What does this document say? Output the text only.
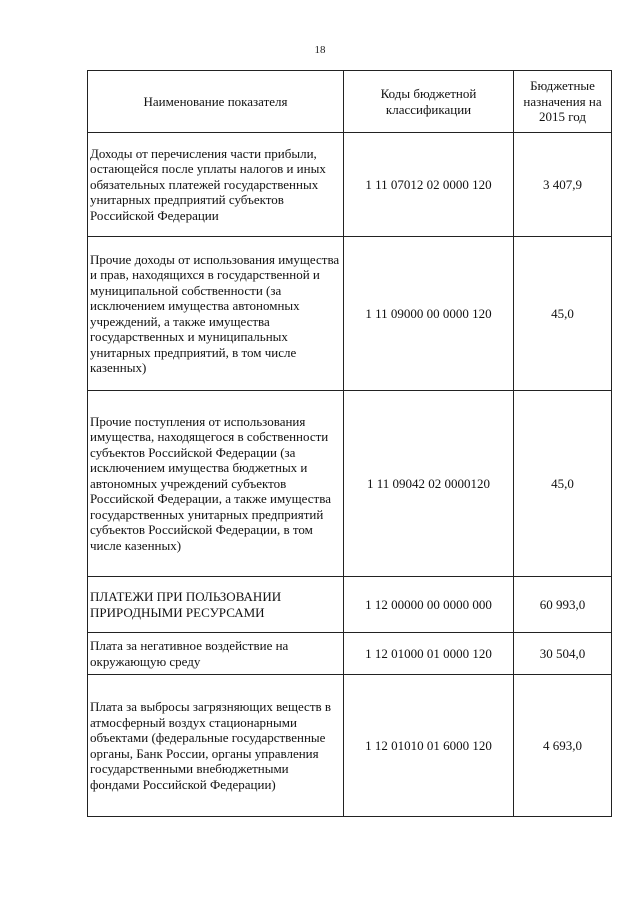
18
Наименование показателя	Коды бюджетной классификации	Бюджетные назначения на 2015 год
Доходы от перечисления части прибыли, остающейся после уплаты налогов и иных обязательных платежей государственных унитарных предприятий субъектов Российской Федерации	1 11 07012 02 0000 120	3 407,9
Прочие доходы от использования имущества и прав, находящихся в государственной и муниципальной собственности (за исключением имущества автономных учреждений, а также имущества государственных и муниципальных унитарных предприятий, в том числе казенных)	1 11 09000 00 0000 120	45,0
Прочие поступления от использования имущества, находящегося в собственности субъектов Российской Федерации (за исключением имущества бюджетных и автономных учреждений субъектов Российской Федерации, а также имущества государственных унитарных предприятий субъектов Российской Федерации, в том числе казенных)	1 11 09042 02 0000120	45,0
ПЛАТЕЖИ ПРИ ПОЛЬЗОВАНИИ ПРИРОДНЫМИ РЕСУРСАМИ	1 12 00000 00 0000 000	60 993,0
Плата за негативное воздействие на окружающую среду	1 12 01000 01 0000 120	30 504,0
Плата за выбросы загрязняющих веществ в атмосферный воздух стационарными объектами (федеральные государственные органы, Банк России, органы управления государственными внебюджетными фондами Российской Федерации)	1 12 01010 01 6000 120	4 693,0
